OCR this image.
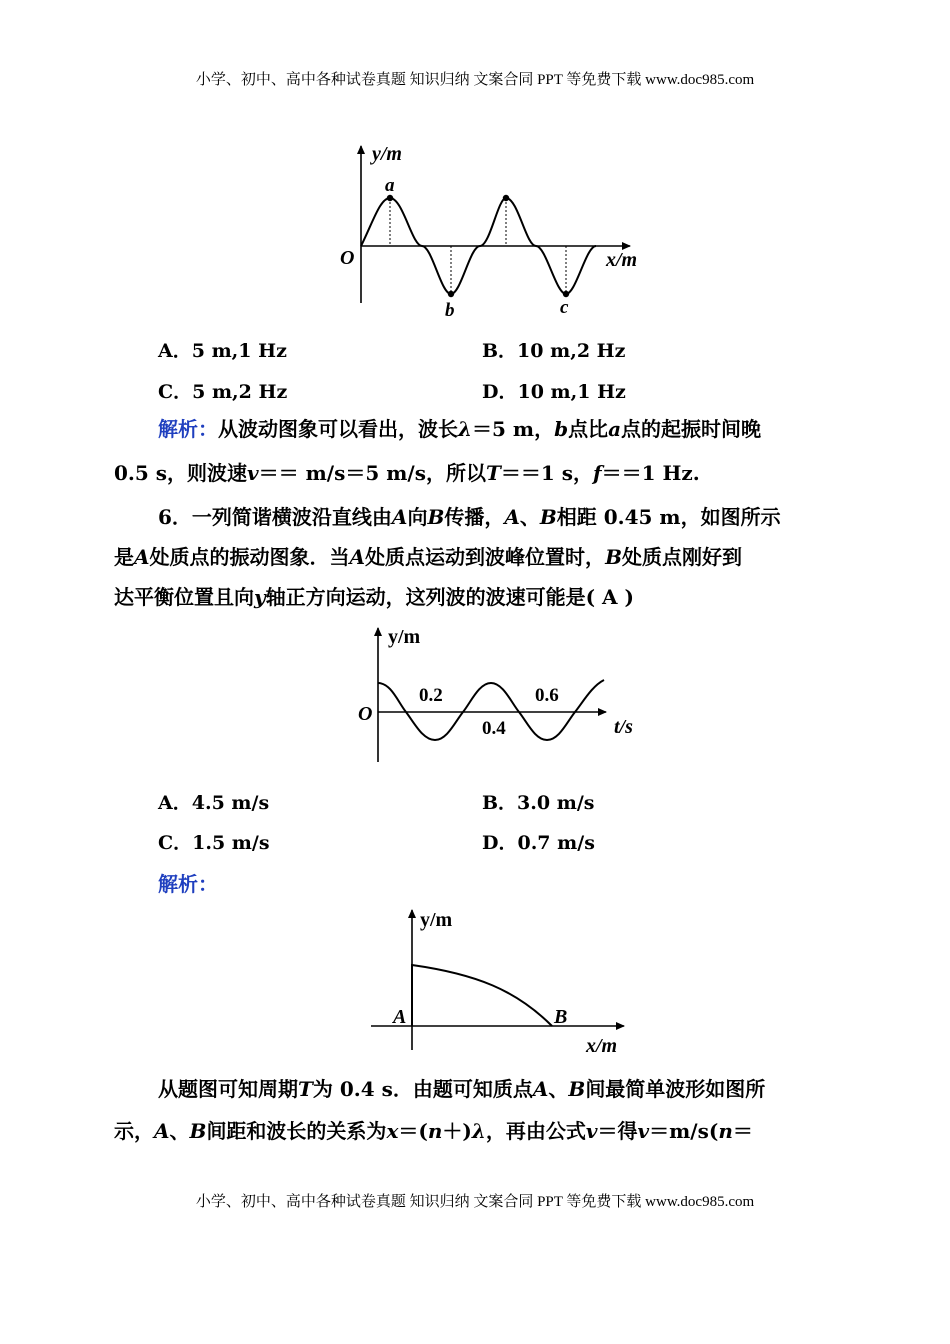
小学、初中、高中各种试卷真题 知识归纳 文案合同 PPT 等免费下载 www.doc985.com
y/m
x/m
O
a
b	c
A．5 m,1 Hz	B．10 m,2 Hz
C．5 m,2 Hz	D．10 m,1 Hz
解析：从波动图象可以看出，波长λ＝5 m，b点比a点的起振时间晚
0.5 s，则波速v＝＝ m/s＝5 m/s，所以T＝＝1 s，f＝＝1 Hz.
6．一列简谐横波沿直线由A向B传播，A、B相距 0.45 m，如图所示
是A处质点的振动图象．当A处质点运动到波峰位置时，B处质点刚好到
达平衡位置且向y轴正方向运动，这列波的波速可能是( A )
y/m
t/s
O
0.2
0.4
0.6
A．4.5 m/s	B．3.0 m/s
C．1.5 m/s	D．0.7 m/s
解析：
y/m
x/m
A	B
从题图可知周期T为 0.4 s．由题可知质点A、B间最简单波形如图所
示，A、B间距和波长的关系为x＝(n＋)λ，再由公式v＝得v＝m/s(n＝
小学、初中、高中各种试卷真题 知识归纳 文案合同 PPT 等免费下载 www.doc985.com
